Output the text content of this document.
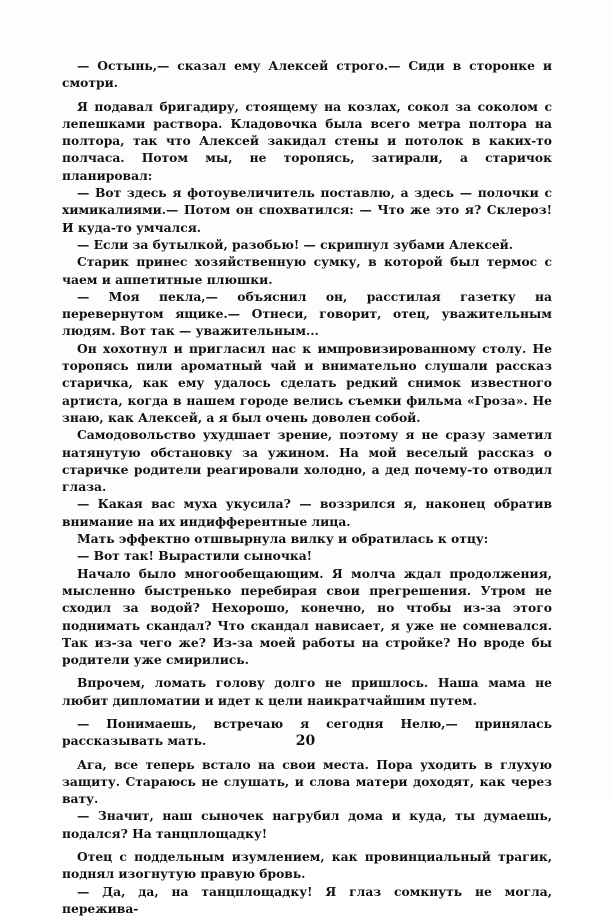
— Остынь,— сказал ему Алексей строго.— Сиди в сторонке и смотри.

Я подавал бригадиру, стоящему на козлах, сокол за соколом с лепешками раствора. Кладовочка была всего метра полтора на полтора, так что Алексей закидал стены и потолок в каких-то полчаса. Потом мы, не торопясь, затирали, а старичок планировал:

— Вот здесь я фотоувеличитель поставлю, а здесь — полочки с химикалиями.— Потом он спохватился: — Что же это я? Склероз! И куда-то умчался.

— Если за бутылкой, разобью! — скрипнул зубами Алексей.

Старик принес хозяйственную сумку, в которой был термос с чаем и аппетитные плюшки.

— Моя пекла,— объяснил он, расстилая газетку на перевернутом ящике.— Отнеси, говорит, отец, уважительным людям. Вот так — уважительным...

Он хохотнул и пригласил нас к импровизированному столу. Не торопясь пили ароматный чай и внимательно слушали рассказ старичка, как ему удалось сделать редкий снимок известного артиста, когда в нашем городе велись съемки фильма «Гроза». Не знаю, как Алексей, а я был очень доволен собой.

Самодовольство ухудшает зрение, поэтому я не сразу заметил натянутую обстановку за ужином. На мой веселый рассказ о старичке родители реагировали холодно, а дед почему-то отводил глаза.

— Какая вас муха укусила? — воззрился я, наконец обратив внимание на их индифферентные лица.

Мать эффектно отшвырнула вилку и обратилась к отцу:

— Вот так! Вырастили сыночка!

Начало было многообещающим. Я молча ждал продолжения, мысленно быстренько перебирая свои прегрешения. Утром не сходил за водой? Нехорошо, конечно, но чтобы из-за этого поднимать скандал? Что скандал нависает, я уже не сомневался. Так из-за чего же? Из-за моей работы на стройке? Но вроде бы родители уже смирились.

Впрочем, ломать голову долго не пришлось. Наша мама не любит дипломатии и идет к цели наикратчайшим путем.

— Понимаешь, встречаю я сегодня Нелю,— принялась рассказывать мать.

Ага, все теперь встало на свои места. Пора уходить в глухую защиту. Стараюсь не слушать, и слова матери доходят, как через вату.

— Значит, наш сыночек нагрубил дома и куда, ты думаешь, подался? На танцплощадку!

Отец с поддельным изумлением, как провинциальный трагик, поднял изогнутую правую бровь.

— Да, да, на танцплощадку! Я глаз сомкнуть не могла, пережива-

20
